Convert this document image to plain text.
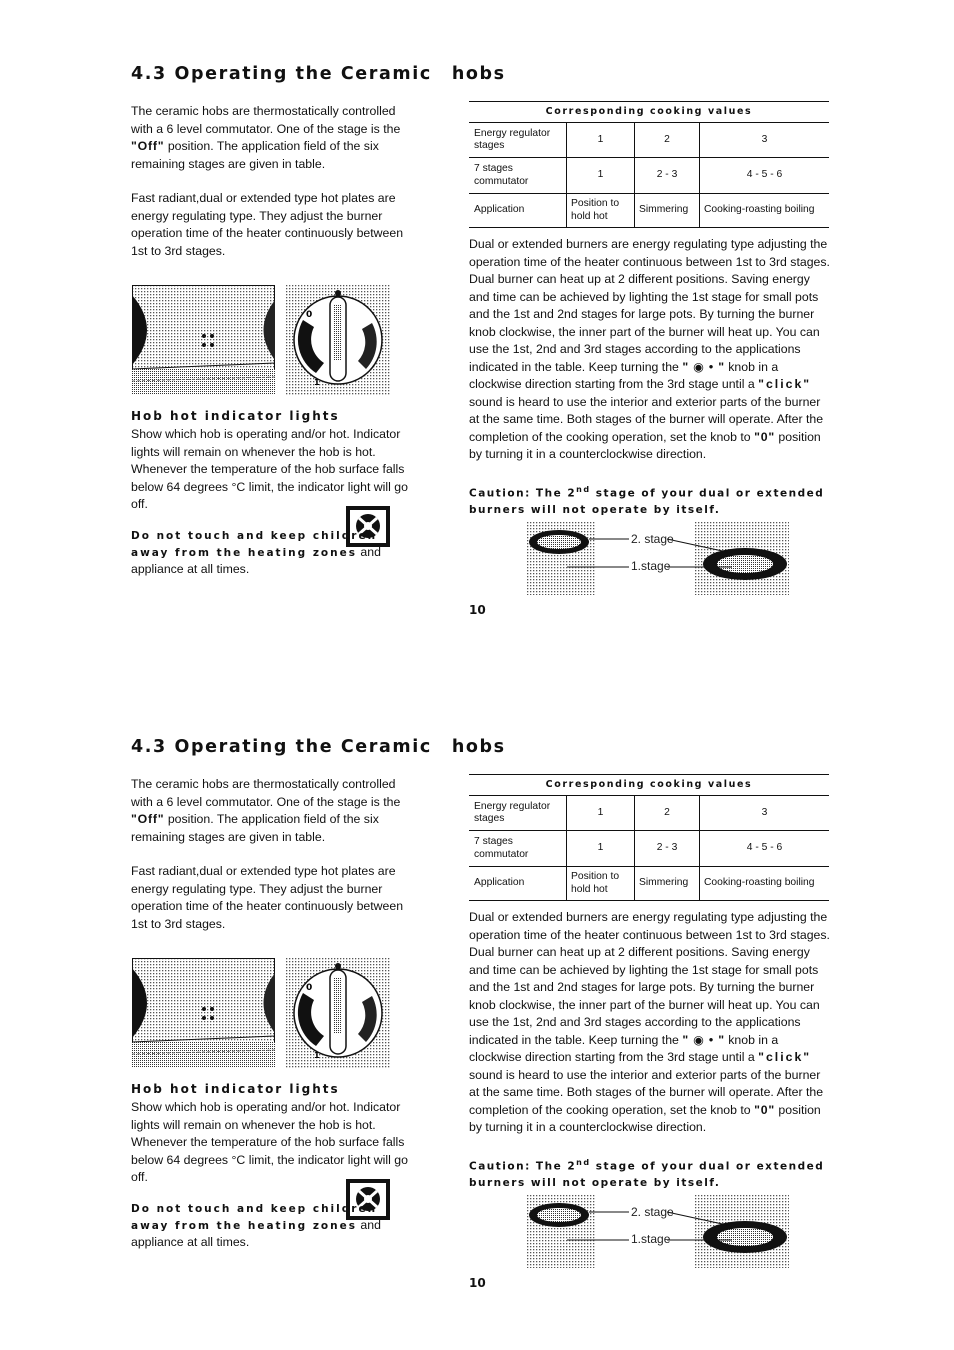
4.3 Operating the Ceramic hobs

The ceramic hobs are thermostatically controlled with a 6 level commutator. One of the stage is the "Off" position. The application field of the six remaining stages are given in table.

Fast radiant,dual or extended type hot plates are energy regulating type. They adjust the burner operation time of the heater continuously between 1st to 3rd stages.

0
1
Hob hot indicator lights

Show which hob is operating and/or hot. Indicator lights will remain on whenever the hob is hot. Whenever the temperature of the hob surface falls below 64 degrees °C limit, the indicator light will go off.

Do not touch and keep children away from the heating zones and appliance at all times.

Corresponding cooking values			
Energy regulator stages	1	2	3
7 stages commutator	1	2 - 3	4 - 5 - 6
Application	Position to hold hot	Simmering	Cooking-roasting boiling

Dual or extended burners are energy regulating type adjusting the operation time of the heater continuous between 1st to 3rd stages. Dual burner can heat up at 2 different positions. Saving energy and time can be achieved by lighting the 1st stage for small pots and the 1st and 2nd stages for large pots. By turning the burner knob clockwise, the inner part of the burner will heat up. You can use the 1st, 2nd and 3rd stages according to the applications indicated in the table. Keep turning the " ◉ • " knob in a clockwise direction starting from the 3rd stage until a "click" sound is heard to use the interior and exterior parts of the burner at the same time. Both stages of the burner will operate. After the completion of the cooking operation, set the knob to "0" position by turning it in a counterclockwise direction.

Caution: The 2nd stage of your dual or extended burners will not operate by itself.

2. stage
1.stage

10

4.3 Operating the Ceramic hobs

The ceramic hobs are thermostatically controlled with a 6 level commutator. One of the stage is the "Off" position. The application field of the six remaining stages are given in table.

Fast radiant,dual or extended type hot plates are energy regulating type. They adjust the burner operation time of the heater continuously between 1st to 3rd stages.

0
1
Hob hot indicator lights

Show which hob is operating and/or hot. Indicator lights will remain on whenever the hob is hot. Whenever the temperature of the hob surface falls below 64 degrees °C limit, the indicator light will go off.

Do not touch and keep children away from the heating zones and appliance at all times.

Corresponding cooking values			
Energy regulator stages	1	2	3
7 stages commutator	1	2 - 3	4 - 5 - 6
Application	Position to hold hot	Simmering	Cooking-roasting boiling

Dual or extended burners are energy regulating type adjusting the operation time of the heater continuous between 1st to 3rd stages. Dual burner can heat up at 2 different positions. Saving energy and time can be achieved by lighting the 1st stage for small pots and the 1st and 2nd stages for large pots. By turning the burner knob clockwise, the inner part of the burner will heat up. You can use the 1st, 2nd and 3rd stages according to the applications indicated in the table. Keep turning the " ◉ • " knob in a clockwise direction starting from the 3rd stage until a "click" sound is heard to use the interior and exterior parts of the burner at the same time. Both stages of the burner will operate. After the completion of the cooking operation, set the knob to "0" position by turning it in a counterclockwise direction.

Caution: The 2nd stage of your dual or extended burners will not operate by itself.

2. stage
1.stage

10
